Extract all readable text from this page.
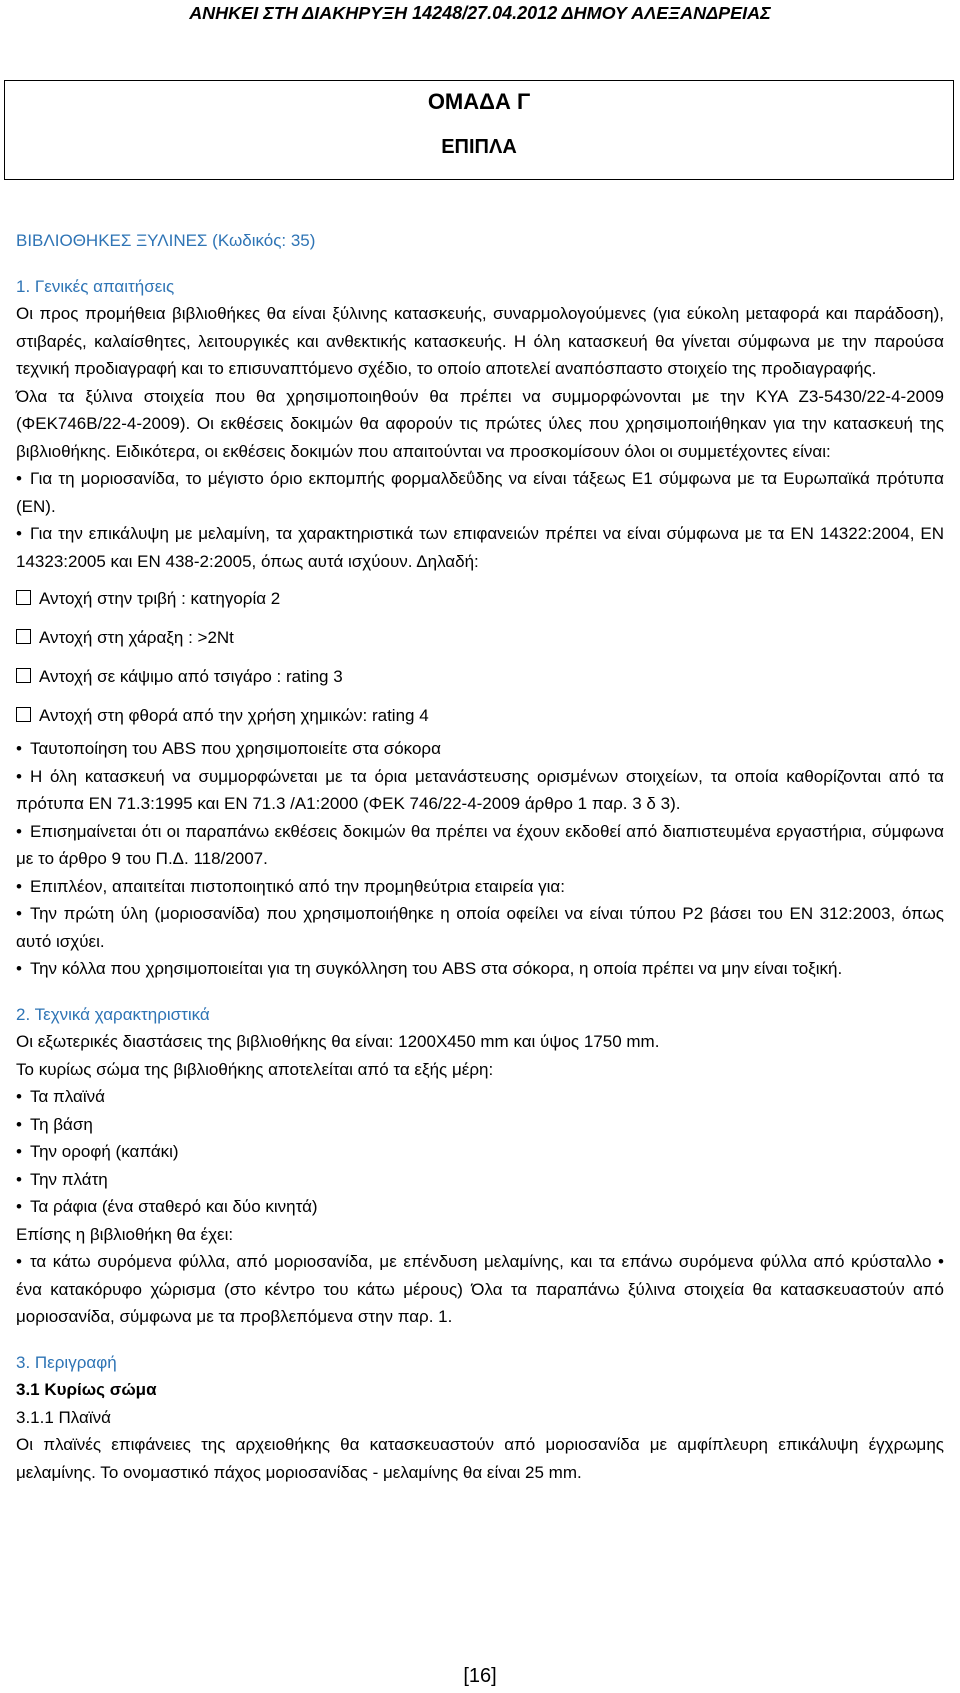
ΑΝΗΚΕΙ ΣΤΗ ΔΙΑΚΗΡΥΞΗ 14248/27.04.2012 ΔΗΜΟΥ ΑΛΕΞΑΝΔΡΕΙΑΣ
ΟΜΑΔΑ Γ
ΕΠΙΠΛΑ

ΒΙΒΛΙΟΘΗΚΕΣ ΞΥΛΙΝΕΣ (Κωδικός: 35)

1. Γενικές απαιτήσεις

Οι προς προμήθεια βιβλιοθήκες θα είναι ξύλινης κατασκευής, συναρμολογούμενες (για εύκολη μεταφορά και παράδοση), στιβαρές, καλαίσθητες, λειτουργικές και ανθεκτικής κατασκευής. Η όλη κατασκευή θα γίνεται σύμφωνα με την παρούσα τεχνική προδιαγραφή και το επισυναπτόμενο σχέδιο, το οποίο αποτελεί αναπόσπαστο στοιχείο της προδιαγραφής.

Όλα τα ξύλινα στοιχεία που θα χρησιμοποιηθούν θα πρέπει να συμμορφώνονται με την ΚΥΑ Ζ3-5430/22-4-2009 (ΦΕΚ746Β/22-4-2009). Οι εκθέσεις δοκιμών θα αφορούν τις πρώτες ύλες που χρησιμοποιήθηκαν για την κατασκευή της βιβλιοθήκης. Ειδικότερα, οι εκθέσεις δοκιμών που απαιτούνται να προσκομίσουν όλοι οι συμμετέχοντες είναι:

• Για τη μοριοσανίδα, το μέγιστο όριο εκπομπής φορμαλδεΰδης να είναι τάξεως Ε1 σύμφωνα με τα Ευρωπαϊκά πρότυπα (ΕΝ).

• Για την επικάλυψη με μελαμίνη, τα χαρακτηριστικά των επιφανειών πρέπει να είναι σύμφωνα με τα EN 14322:2004, EN 14323:2005 και EN 438-2:2005, όπως αυτά ισχύουν. Δηλαδή:

Αντοχή στην τριβή : κατηγορία 2

Αντοχή στη χάραξη : >2Nt

Αντοχή σε κάψιμο από τσιγάρο : rating 3

Αντοχή στη φθορά από την χρήση χημικών: rating 4

• Ταυτοποίηση του ABS που χρησιμοποιείτε στα σόκορα

• Η όλη κατασκευή να συμμορφώνεται με τα όρια μετανάστευσης ορισμένων στοιχείων, τα οποία καθορίζονται από τα πρότυπα ΕΝ 71.3:1995 και ΕΝ 71.3 /Α1:2000 (ΦΕΚ 746/22-4-2009 άρθρο 1 παρ. 3 δ 3).

• Επισημαίνεται ότι οι παραπάνω εκθέσεις δοκιμών θα πρέπει να έχουν εκδοθεί από διαπιστευμένα εργαστήρια, σύμφωνα με το άρθρο 9 του Π.Δ. 118/2007.

• Επιπλέον, απαιτείται πιστοποιητικό από την προμηθεύτρια εταιρεία για:

• Την πρώτη ύλη (μοριοσανίδα) που χρησιμοποιήθηκε η οποία οφείλει να είναι τύπου P2 βάσει του EN 312:2003, όπως αυτό ισχύει.

• Την κόλλα που χρησιμοποιείται για τη συγκόλληση του ABS στα σόκορα, η οποία πρέπει να μην είναι τοξική.

2. Τεχνικά χαρακτηριστικά

Οι εξωτερικές διαστάσεις της βιβλιοθήκης θα είναι: 1200X450 mm και ύψος 1750 mm.

Το κυρίως σώμα της βιβλιοθήκης αποτελείται από τα εξής μέρη:

• Τα πλαϊνά

• Τη βάση

• Την οροφή (καπάκι)

• Την πλάτη

• Τα ράφια (ένα σταθερό και δύο κινητά)

Επίσης η βιβλιοθήκη θα έχει:

• τα κάτω συρόμενα φύλλα, από μοριοσανίδα, με επένδυση μελαμίνης, και τα επάνω συρόμενα φύλλα από κρύσταλλο • ένα κατακόρυφο χώρισμα (στο κέντρο του κάτω μέρους) Όλα τα παραπάνω ξύλινα στοιχεία θα κατασκευαστούν από μοριοσανίδα, σύμφωνα με τα προβλεπόμενα στην παρ. 1.

3. Περιγραφή

3.1 Κυρίως σώμα

3.1.1 Πλαϊνά

Οι πλαϊνές επιφάνειες της αρχειοθήκης θα κατασκευαστούν από μοριοσανίδα με αμφίπλευρη επικάλυψη έγχρωμης μελαμίνης. Το ονομαστικό πάχος μοριοσανίδας - μελαμίνης θα είναι 25 mm.

[16]
